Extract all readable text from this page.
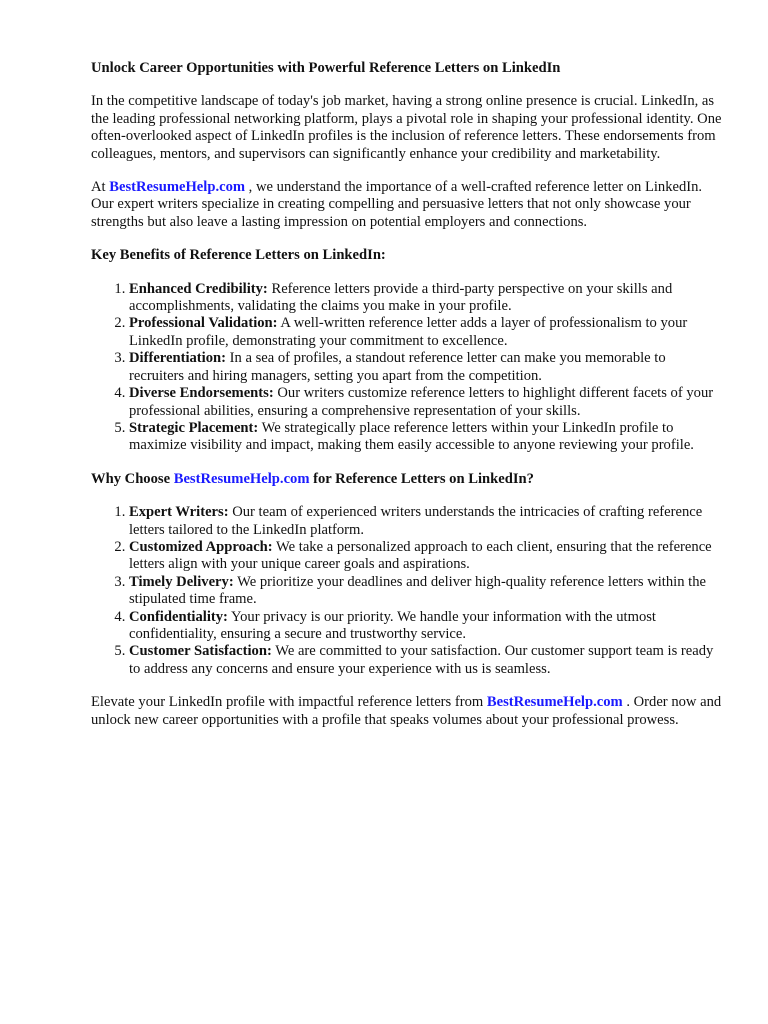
Unlock Career Opportunities with Powerful Reference Letters on LinkedIn

In the competitive landscape of today's job market, having a strong online presence is crucial. LinkedIn, as the leading professional networking platform, plays a pivotal role in shaping your professional identity. One often-overlooked aspect of LinkedIn profiles is the inclusion of reference letters. These endorsements from colleagues, mentors, and supervisors can significantly enhance your credibility and marketability.

At BestResumeHelp.com , we understand the importance of a well-crafted reference letter on LinkedIn. Our expert writers specialize in creating compelling and persuasive letters that not only showcase your strengths but also leave a lasting impression on potential employers and connections.

Key Benefits of Reference Letters on LinkedIn:
1. Enhanced Credibility: Reference letters provide a third-party perspective on your skills and accomplishments, validating the claims you make in your profile.
2. Professional Validation: A well-written reference letter adds a layer of professionalism to your LinkedIn profile, demonstrating your commitment to excellence.
3. Differentiation: In a sea of profiles, a standout reference letter can make you memorable to recruiters and hiring managers, setting you apart from the competition.
4. Diverse Endorsements: Our writers customize reference letters to highlight different facets of your professional abilities, ensuring a comprehensive representation of your skills.
5. Strategic Placement: We strategically place reference letters within your LinkedIn profile to maximize visibility and impact, making them easily accessible to anyone reviewing your profile.
Why Choose BestResumeHelp.com for Reference Letters on LinkedIn?
1. Expert Writers: Our team of experienced writers understands the intricacies of crafting reference letters tailored to the LinkedIn platform.
2. Customized Approach: We take a personalized approach to each client, ensuring that the reference letters align with your unique career goals and aspirations.
3. Timely Delivery: We prioritize your deadlines and deliver high-quality reference letters within the stipulated time frame.
4. Confidentiality: Your privacy is our priority. We handle your information with the utmost confidentiality, ensuring a secure and trustworthy service.
5. Customer Satisfaction: We are committed to your satisfaction. Our customer support team is ready to address any concerns and ensure your experience with us is seamless.

Elevate your LinkedIn profile with impactful reference letters from BestResumeHelp.com . Order now and unlock new career opportunities with a profile that speaks volumes about your professional prowess.
